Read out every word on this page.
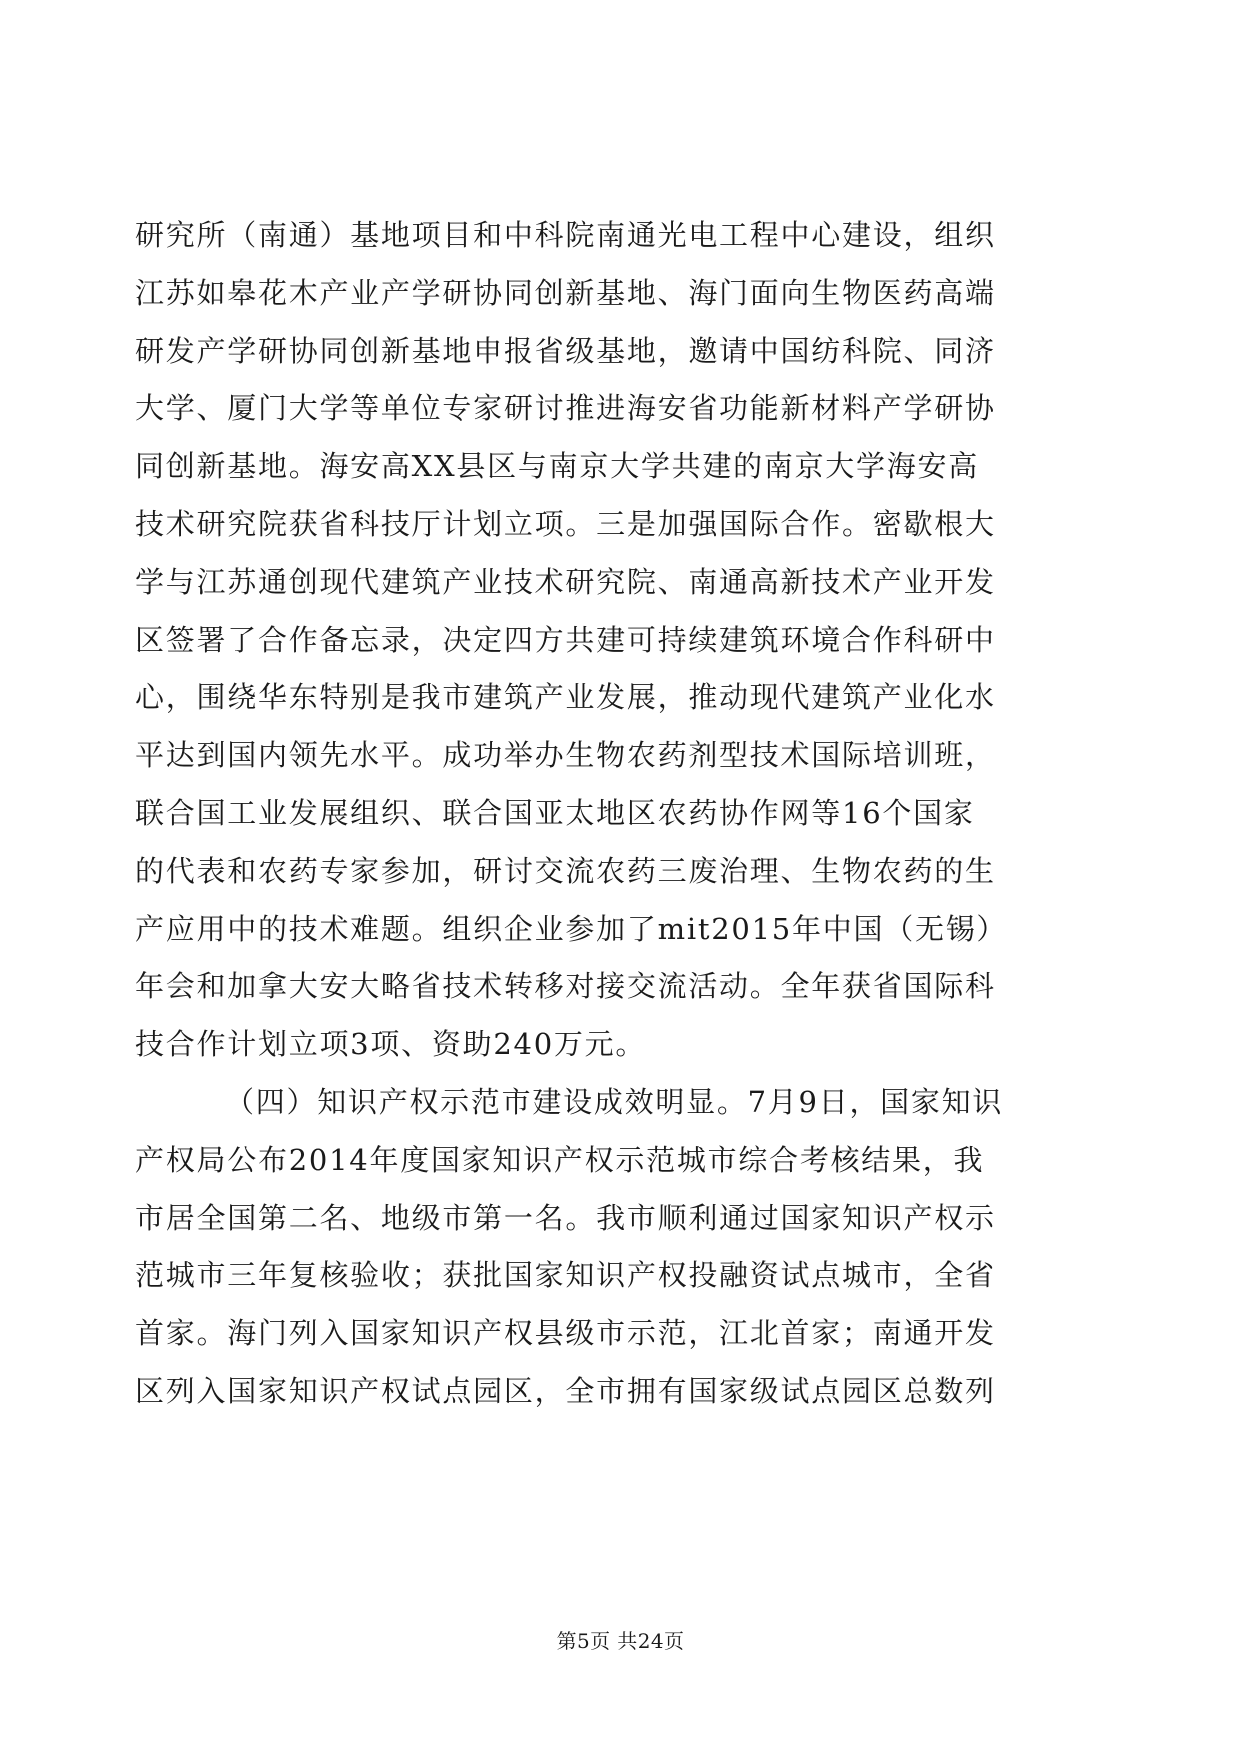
研究所（南通）基地项目和中科院南通光电工程中心建设，组织
江苏如皋花木产业产学研协同创新基地、海门面向生物医药高端
研发产学研协同创新基地申报省级基地，邀请中国纺科院、同济
大学、厦门大学等单位专家研讨推进海安省功能新材料产学研协
同创新基地。海安高XX县区与南京大学共建的南京大学海安高
技术研究院获省科技厅计划立项。三是加强国际合作。密歇根大
学与江苏通创现代建筑产业技术研究院、南通高新技术产业开发
区签署了合作备忘录，决定四方共建可持续建筑环境合作科研中
心，围绕华东特别是我市建筑产业发展，推动现代建筑产业化水
平达到国内领先水平。成功举办生物农药剂型技术国际培训班，
联合国工业发展组织、联合国亚太地区农药协作网等16个国家
的代表和农药专家参加，研讨交流农药三废治理、生物农药的生
产应用中的技术难题。组织企业参加了mit2015年中国（无锡）
年会和加拿大安大略省技术转移对接交流活动。全年获省国际科
技合作计划立项3项、资助240万元。
（四）知识产权示范市建设成效明显。7月9日，国家知识
产权局公布2014年度国家知识产权示范城市综合考核结果，我
市居全国第二名、地级市第一名。我市顺利通过国家知识产权示
范城市三年复核验收；获批国家知识产权投融资试点城市，全省
首家。海门列入国家知识产权县级市示范，江北首家；南通开发
区列入国家知识产权试点园区，全市拥有国家级试点园区总数列
第5页 共24页
